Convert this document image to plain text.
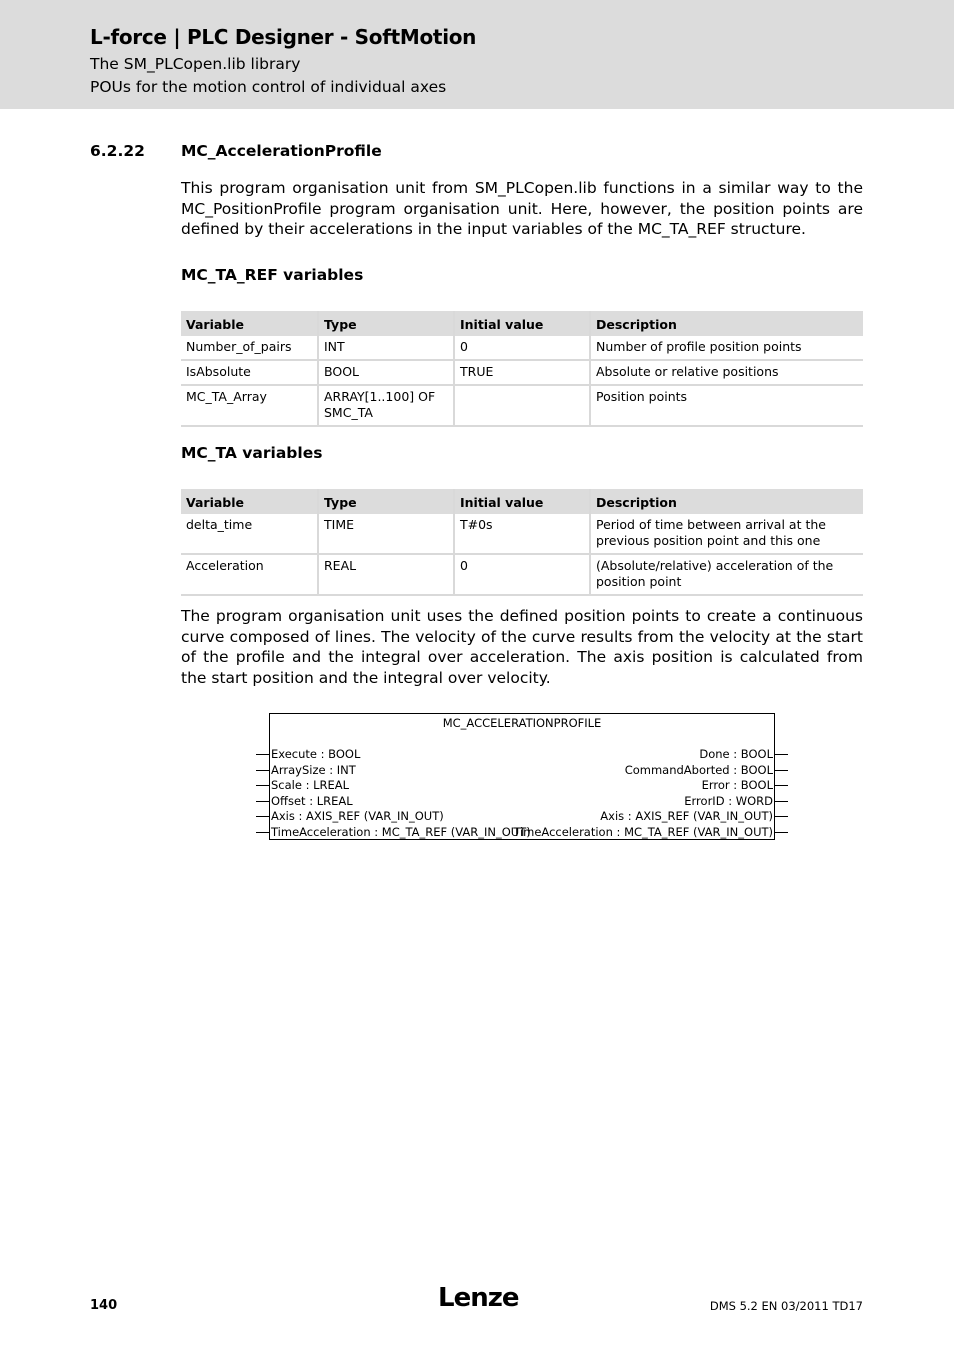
L-force | PLC Designer - SoftMotion
The SM_PLCopen.lib library
POUs for the motion control of individual axes
6.2.22 MC_AccelerationProfile

This program organisation unit from SM_PLCopen.lib functions in a similar way to the MC_PositionProfile program organisation unit. Here, however, the position points are defined by their accelerations in the input variables of the MC_TA_REF structure.

MC_TA_REF variables
Variable	Type	Initial value	Description
Number_of_pairs	INT	0	Number of profile position points
IsAbsolute	BOOL	TRUE	Absolute or relative positions
MC_TA_Array	ARRAY[1..100] OF SMC_TA		Position points
MC_TA variables
Variable	Type	Initial value	Description
delta_time	TIME	T#0s	Period of time between arrival at the previous position point and this one
Acceleration	REAL	0	(Absolute/relative) acceleration of the position point

The program organisation unit uses the defined position points to create a continuous curve composed of lines. The velocity of the curve results from the velocity at the start of the profile and the integral over acceleration. The axis position is calculated from the start position and the integral over velocity.

MC_ACCELERATIONPROFILE
Execute : BOOL
ArraySize : INT
Scale : LREAL
Offset : LREAL
Axis : AXIS_REF (VAR_IN_OUT)
TimeAcceleration : MC_TA_REF (VAR_IN_OUT)
Done : BOOL
CommandAborted : BOOL
Error : BOOL
ErrorID : WORD
Axis : AXIS_REF (VAR_IN_OUT)
TimeAcceleration : MC_TA_REF (VAR_IN_OUT)
140	Lenze	DMS 5.2 EN 03/2011 TD17
